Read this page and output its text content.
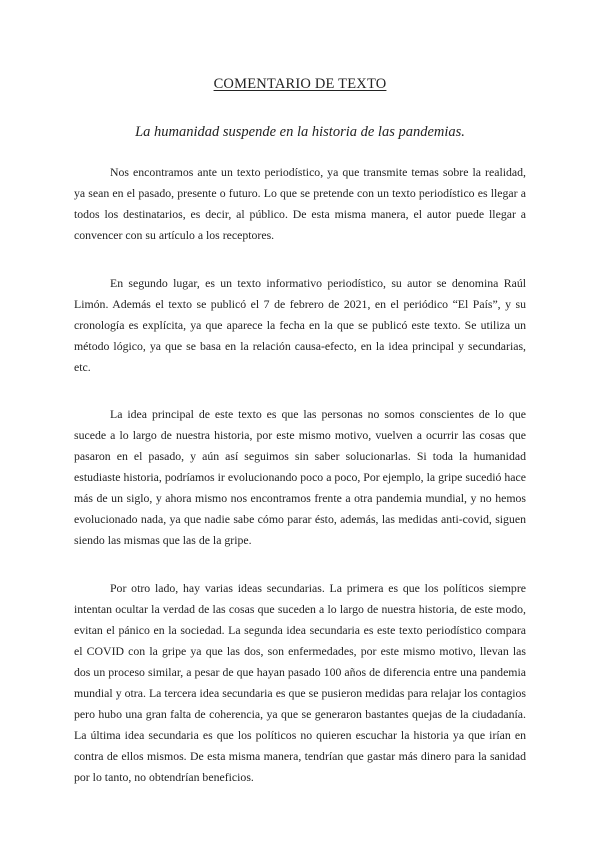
COMENTARIO DE TEXTO
La humanidad suspende en la historia de las pandemias.

Nos encontramos ante un texto periodístico, ya que transmite temas sobre la realidad, ya sean en el pasado, presente o futuro. Lo que se pretende con un texto periodístico es llegar a todos los destinatarios, es decir, al público. De esta misma manera, el autor puede llegar a convencer con su artículo a los receptores.

En segundo lugar, es un texto informativo periodístico, su autor se denomina Raúl Limón. Además el texto se publicó el 7 de febrero de 2021, en el periódico “El País”, y su cronología es explícita, ya que aparece la fecha en la que se publicó este texto. Se utiliza un método lógico, ya que se basa en la relación causa-efecto, en la idea principal y secundarias, etc.

La idea principal de este texto es que las personas no somos conscientes de lo que sucede a lo largo de nuestra historia, por este mismo motivo, vuelven a ocurrir las cosas que pasaron en el pasado, y aún así seguimos sin saber solucionarlas. Si toda la humanidad estudiaste historia, podríamos ir evolucionando poco a poco, Por ejemplo, la gripe sucedió hace más de un siglo, y ahora mismo nos encontramos frente a otra pandemia mundial, y no hemos evolucionado nada, ya que nadie sabe cómo parar ésto, además, las medidas anti-covid, siguen siendo las mismas que las de la gripe.

Por otro lado, hay varias ideas secundarias. La primera es que los políticos siempre intentan ocultar la verdad de las cosas que suceden a lo largo de nuestra historia, de este modo, evitan el pánico en la sociedad. La segunda idea secundaria es este texto periodístico compara el COVID con la gripe ya que las dos, son enfermedades, por este mismo motivo, llevan las dos un proceso similar, a pesar de que hayan pasado 100 años de diferencia entre una pandemia mundial y otra. La tercera idea secundaria es que se pusieron medidas para relajar los contagios pero hubo una gran falta de coherencia, ya que se generaron bastantes quejas de la ciudadanía. La última idea secundaria es que los políticos no quieren escuchar la historia ya que irían en contra de ellos mismos. De esta misma manera, tendrían que gastar más dinero para la sanidad por lo tanto, no obtendrían beneficios.
